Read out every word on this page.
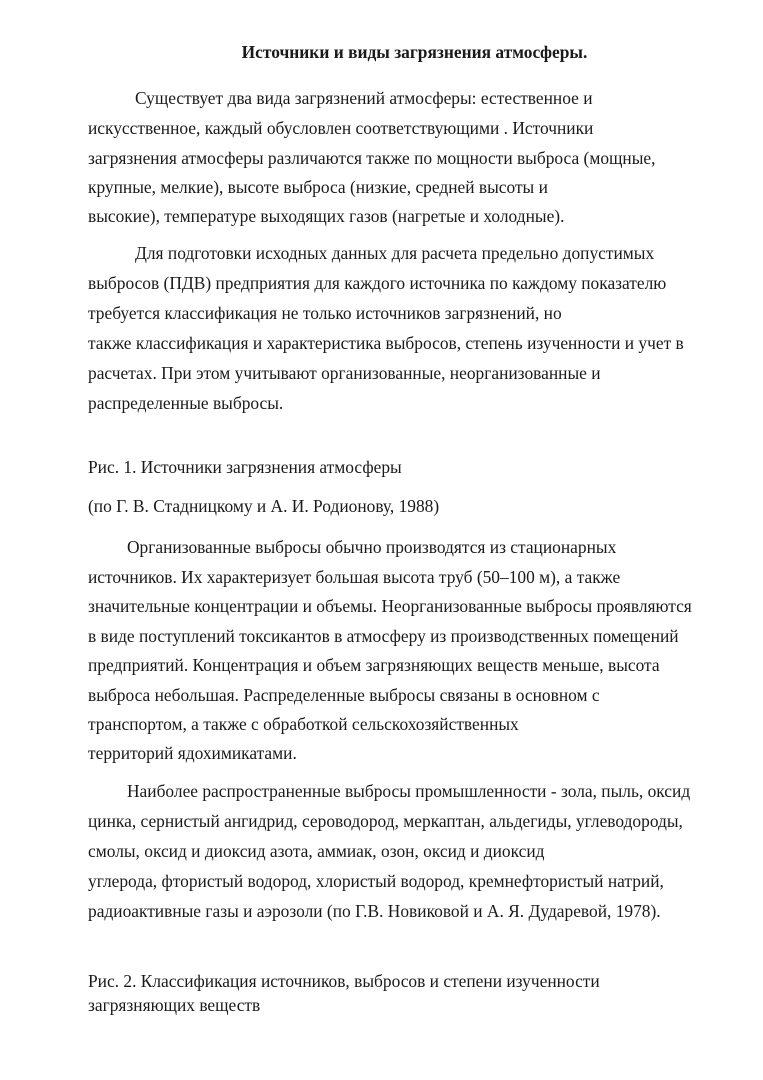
Источники и виды загрязнения атмосферы.
Существует два вида загрязнений атмосферы: естественное и
искусственное, каждый обусловлен соответствующими . Источники
загрязнения атмосферы различаются также по мощности выброса (мощные,
крупные, мелкие), высоте выброса (низкие, средней высоты и
высокие), температуре выходящих газов (нагретые и холодные).
Для подготовки исходных данных для расчета предельно допустимых
выбросов (ПДВ) предприятия для каждого источника по каждому показателю
требуется классификация не только источников загрязнений, но
также классификация и характеристика выбросов, степень изученности и учет в
расчетах. При этом учитывают организованные, неорганизованные и
распределенные выбросы.
Рис. 1. Источники загрязнения атмосферы
(по Г. В. Стадницкому и А. И. Родионову, 1988)
Организованные выбросы обычно производятся из стационарных
источников. Их характеризует большая высота труб (50–100 м), а также
значительные концентрации и объемы. Неорганизованные выбросы проявляются
в виде поступлений токсикантов в атмосферу из производственных помещений
предприятий. Концентрация и объем загрязняющих веществ меньше, высота
выброса небольшая. Распределенные выбросы связаны в основном с
транспортом, а также с обработкой сельскохозяйственных
территорий ядохимикатами.
Наиболее распространенные выбросы промышленности - зола, пыль, оксид
цинка, сернистый ангидрид, сероводород, меркаптан, альдегиды, углеводороды,
смолы, оксид и диоксид азота, аммиак, озон, оксид и диоксид
углерода, фтористый водород, хлористый водород, кремнефтористый натрий,
радиоактивные газы и аэрозоли (по Г.В. Новиковой и А. Я. Дударевой, 1978).
Рис. 2. Классификация источников, выбросов и степени изученности
загрязняющих веществ
